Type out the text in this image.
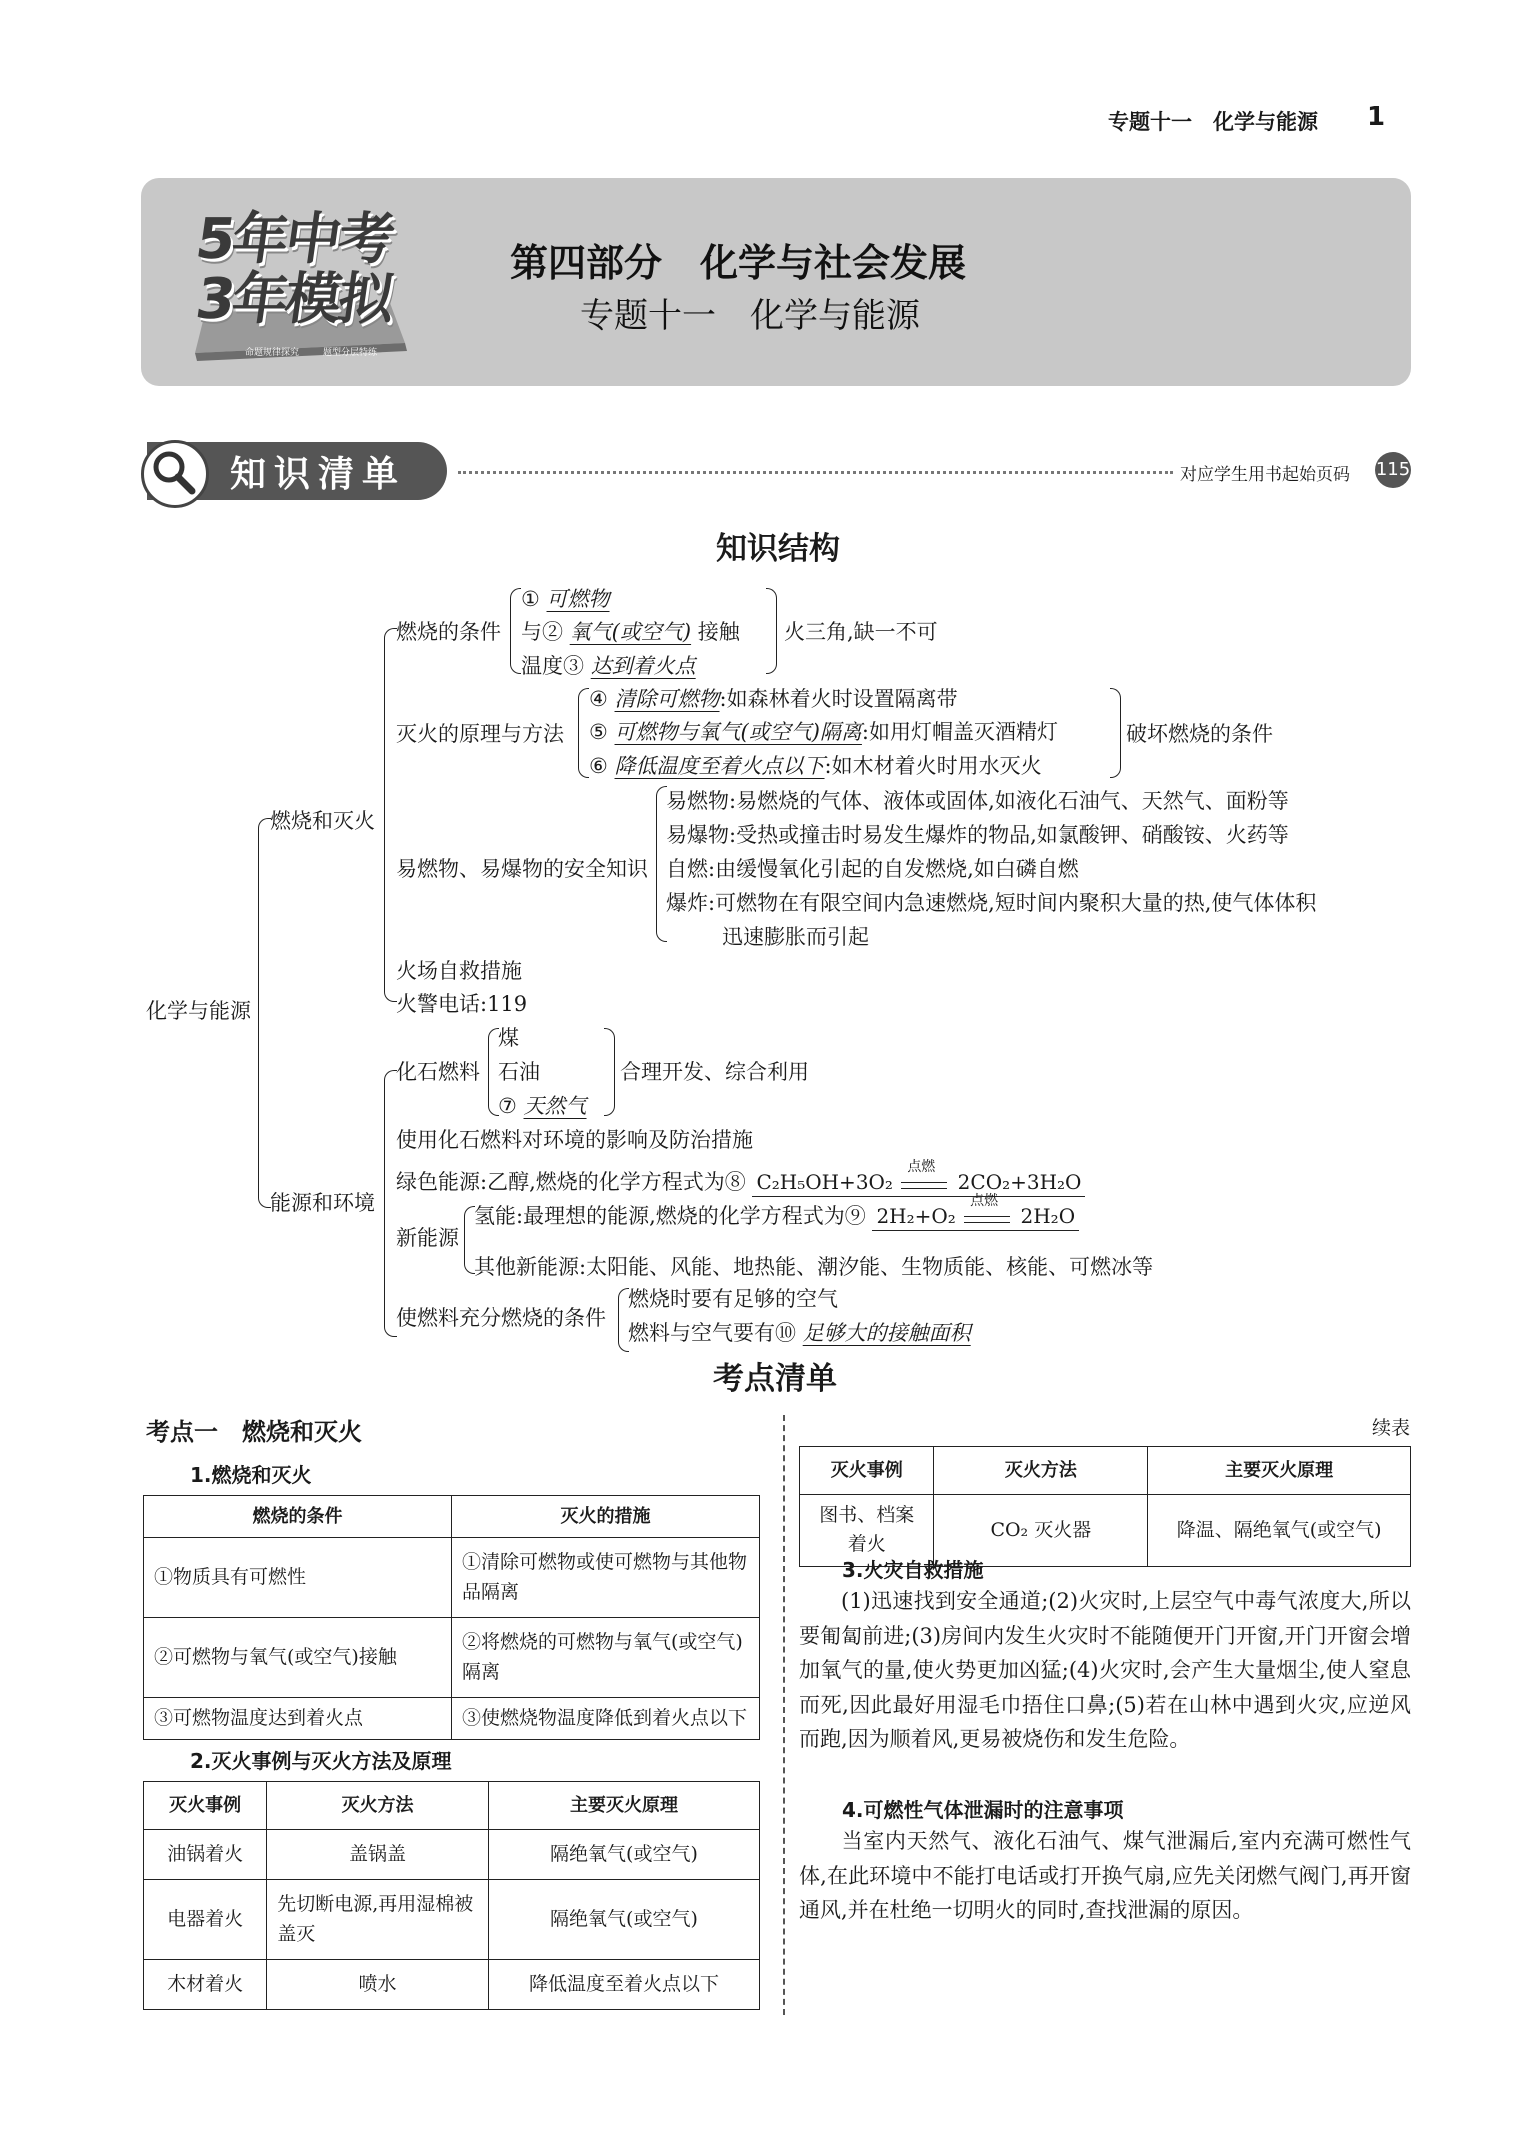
专题十一　化学与能源 1
5年中考
3年模拟
命题规律探究	题型分层特练
第四部分　化学与社会发展
专题十一　化学与能源
知识清单	对应学生用书起始页码 115
知识结构
化学与能源
燃烧和灭火
能源和环境
燃烧的条件
① 可燃物
与② 氧气(或空气) 接触
温度③ 达到着火点
火三角,缺一不可
灭火的原理与方法
④ 清除可燃物:如森林着火时设置隔离带
⑤ 可燃物与氧气(或空气)隔离:如用灯帽盖灭酒精灯
⑥ 降低温度至着火点以下:如木材着火时用水灭火
破坏燃烧的条件
易燃物、易爆物的安全知识
易燃物:易燃烧的气体、液体或固体,如液化石油气、天然气、面粉等
易爆物:受热或撞击时易发生爆炸的物品,如氯酸钾、硝酸铵、火药等
自燃:由缓慢氧化引起的自发燃烧,如白磷自燃
爆炸:可燃物在有限空间内急速燃烧,短时间内聚积大量的热,使气体体积
迅速膨胀而引起
火场自救措施
火警电话:119
化石燃料
煤
石油
⑦ 天然气
合理开发、综合利用
使用化石燃料对环境的影响及防治措施
绿色能源:乙醇,燃烧的化学方程式为⑧ C₂H₅OH+3O₂
点燃
2CO₂+3H₂O
新能源
氢能:最理想的能源,燃烧的化学方程式为⑨ 2H₂+O₂
点燃
2H₂O
其他新能源:太阳能、风能、地热能、潮汐能、生物质能、核能、可燃冰等
使燃料充分燃烧的条件
燃烧时要有足够的空气
燃料与空气要有⑩ 足够大的接触面积
考点清单
考点一　燃烧和灭火
1.燃烧和灭火
燃烧的条件	灭火的措施
①物质具有可燃性	①清除可燃物或使可燃物与其他物品隔离
②可燃物与氧气(或空气)接触	②将燃烧的可燃物与氧气(或空气)隔离
③可燃物温度达到着火点	③使燃烧物温度降低到着火点以下
2.灭火事例与灭火方法及原理
灭火事例	灭火方法	主要灭火原理
油锅着火	盖锅盖	隔绝氧气(或空气)
电器着火	先切断电源,再用湿棉被盖灭	隔绝氧气(或空气)
木材着火	喷水	降低温度至着火点以下
续表
灭火事例	灭火方法	主要灭火原理
图书、档案着火	CO₂ 灭火器	降温、隔绝氧气(或空气)
3.火灾自救措施
(1)迅速找到安全通道;(2)火灾时,上层空气中毒气浓度大,所以要匍匐前进;(3)房间内发生火灾时不能随便开门开窗,开门开窗会增加氧气的量,使火势更加凶猛;(4)火灾时,会产生大量烟尘,使人窒息而死,因此最好用湿毛巾捂住口鼻;(5)若在山林中遇到火灾,应逆风而跑,因为顺着风,更易被烧伤和发生危险。
4.可燃性气体泄漏时的注意事项
当室内天然气、液化石油气、煤气泄漏后,室内充满可燃性气体,在此环境中不能打电话或打开换气扇,应先关闭燃气阀门,再开窗通风,并在杜绝一切明火的同时,查找泄漏的原因。
